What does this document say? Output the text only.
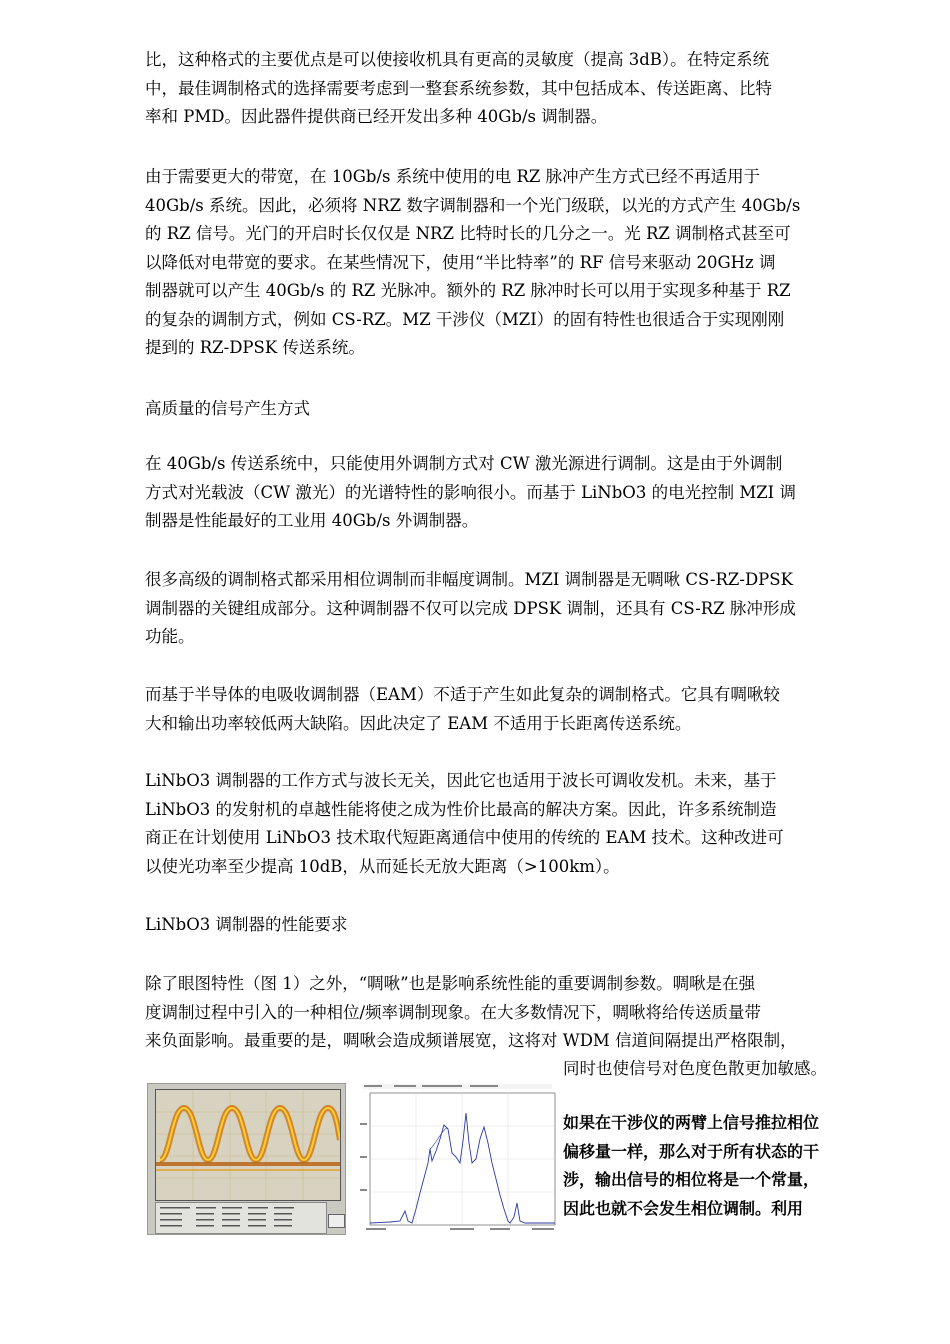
比，这种格式的主要优点是可以使接收机具有更高的灵敏度（提高 3dB）。在特定系统
中，最佳调制格式的选择需要考虑到一整套系统参数，其中包括成本、传送距离、比特
率和 PMD。因此器件提供商已经开发出多种 40Gb/s 调制器。
由于需要更大的带宽，在 10Gb/s 系统中使用的电 RZ 脉冲产生方式已经不再适用于
40Gb/s 系统。因此，必须将 NRZ 数字调制器和一个光门级联，以光的方式产生 40Gb/s
的 RZ 信号。光门的开启时长仅仅是 NRZ 比特时长的几分之一。光 RZ 调制格式甚至可
以降低对电带宽的要求。在某些情况下，使用“半比特率”的 RF 信号来驱动 20GHz 调
制器就可以产生 40Gb/s 的 RZ 光脉冲。额外的 RZ 脉冲时长可以用于实现多种基于 RZ
的复杂的调制方式，例如 CS-RZ。MZ 干涉仪（MZI）的固有特性也很适合于实现刚刚
提到的 RZ-DPSK 传送系统。
高质量的信号产生方式
在 40Gb/s 传送系统中，只能使用外调制方式对 CW 激光源进行调制。这是由于外调制
方式对光载波（CW 激光）的光谱特性的影响很小。而基于 LiNbO3 的电光控制 MZI 调
制器是性能最好的工业用 40Gb/s 外调制器。
很多高级的调制格式都采用相位调制而非幅度调制。MZI 调制器是无啁啾 CS-RZ-DPSK
调制器的关键组成部分。这种调制器不仅可以完成 DPSK 调制，还具有 CS-RZ 脉冲形成
功能。
而基于半导体的电吸收调制器（EAM）不适于产生如此复杂的调制格式。它具有啁啾较
大和输出功率较低两大缺陷。因此决定了 EAM 不适用于长距离传送系统。
LiNbO3 调制器的工作方式与波长无关，因此它也适用于波长可调收发机。未来，基于
LiNbO3 的发射机的卓越性能将使之成为性价比最高的解决方案。因此，许多系统制造
商正在计划使用 LiNbO3 技术取代短距离通信中使用的传统的 EAM 技术。这种改进可
以使光功率至少提高 10dB，从而延长无放大距离（>100km）。
LiNbO3 调制器的性能要求
除了眼图特性（图 1）之外，“啁啾”也是影响系统性能的重要调制参数。啁啾是在强
度调制过程中引入的一种相位/频率调制现象。在大多数情况下，啁啾将给传送质量带
来负面影响。最重要的是，啁啾会造成频谱展宽，这将对 WDM 信道间隔提出严格限制，
同时也使信号对色度色散更加敏感。
如果在干涉仪的两臂上信号推拉相位
偏移量一样，那么对于所有状态的干
涉，输出信号的相位将是一个常量，
因此也就不会发生相位调制。利用
